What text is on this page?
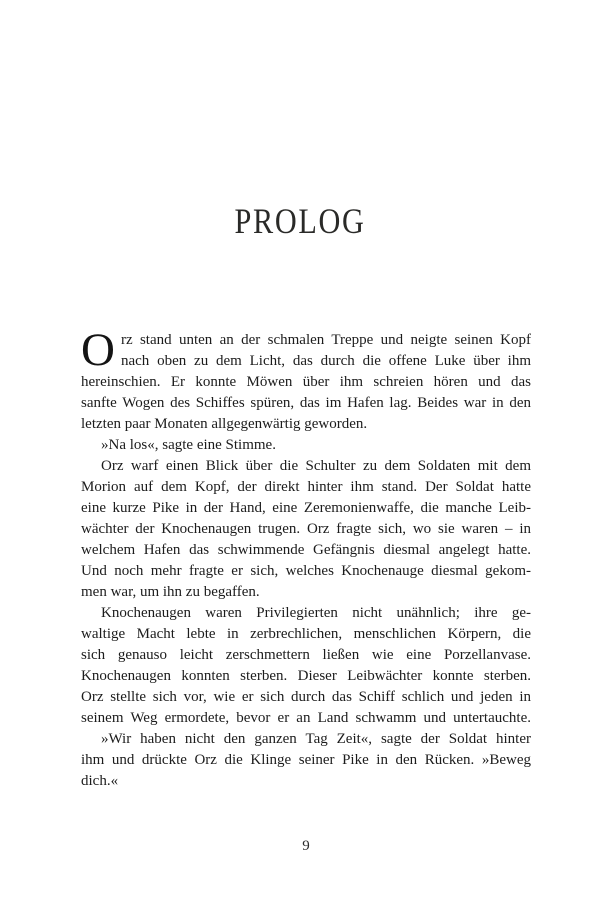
PROLOG
O rz stand unten an der schmalen Treppe und neigte seinen Kopf
nach oben zu dem Licht, das durch die offene Luke über ihm
hereinschien. Er konnte Möwen über ihm schreien hören und das
sanfte Wogen des Schiffes spüren, das im Hafen lag. Beides war in den
letzten paar Monaten allgegenwärtig geworden.
»Na los«, sagte eine Stimme.
Orz warf einen Blick über die Schulter zu dem Soldaten mit dem
Morion auf dem Kopf, der direkt hinter ihm stand. Der Soldat hatte
eine kurze Pike in der Hand, eine Zeremonienwaffe, die manche Leib-
wächter der Knochenaugen trugen. Orz fragte sich, wo sie waren – in
welchem Hafen das schwimmende Gefängnis diesmal angelegt hatte.
Und noch mehr fragte er sich, welches Knochenauge diesmal gekom-
men war, um ihn zu begaffen.
Knochenaugen waren Privilegierten nicht unähnlich; ihre ge-
waltige Macht lebte in zerbrechlichen, menschlichen Körpern, die
sich genauso leicht zerschmettern ließen wie eine Porzellanvase.
Knochenaugen konnten sterben. Dieser Leibwächter konnte sterben.
Orz stellte sich vor, wie er sich durch das Schiff schlich und jeden in
seinem Weg ermordete, bevor er an Land schwamm und untertauchte.
»Wir haben nicht den ganzen Tag Zeit«, sagte der Soldat hinter
ihm und drückte Orz die Klinge seiner Pike in den Rücken. »Beweg
dich.«
9
